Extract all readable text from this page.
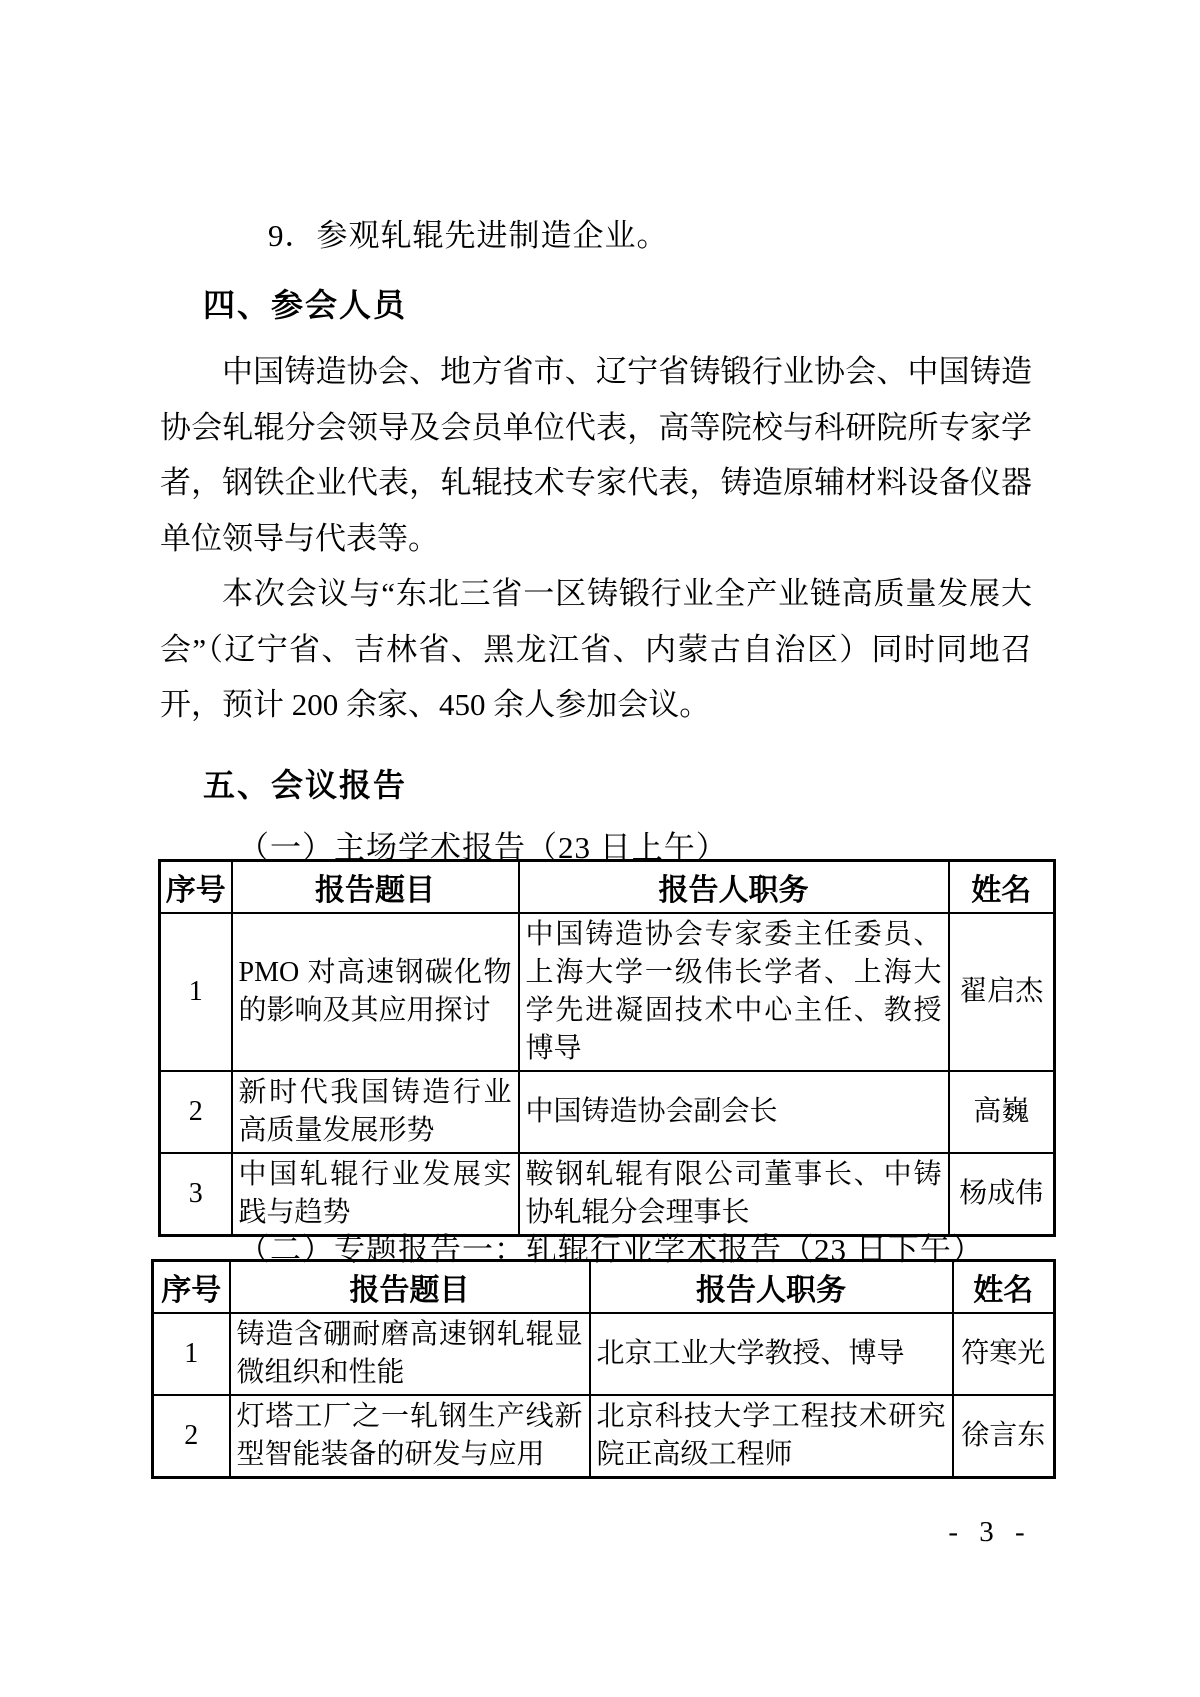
9．参观轧辊先进制造企业。
四、参会人员
中国铸造协会、地方省市、辽宁省铸锻行业协会、中国铸造协会轧辊分会领导及会员单位代表，高等院校与科研院所专家学者，钢铁企业代表，轧辊技术专家代表，铸造原辅材料设备仪器单位领导与代表等。
本次会议与“东北三省一区铸锻行业全产业链高质量发展大会”（辽宁省、吉林省、黑龙江省、内蒙古自治区）同时同地召开，预计 200 余家、450 余人参加会议。
五、会议报告
（一）主场学术报告（23 日上午）
序号	报告题目	报告人职务	姓名
1	PMO 对高速钢碳化物的影响及其应用探讨	中国铸造协会专家委主任委员、上海大学一级伟长学者、上海大学先进凝固技术中心主任、教授博导	翟启杰
2	新时代我国铸造行业高质量发展形势	中国铸造协会副会长	高巍
3	中国轧辊行业发展实践与趋势	鞍钢轧辊有限公司董事长、中铸协轧辊分会理事长	杨成伟
（二）专题报告一：轧辊行业学术报告（23 日下午）
序号	报告题目	报告人职务	姓名
1	铸造含硼耐磨高速钢轧辊显微组织和性能	北京工业大学教授、博导	符寒光
2	灯塔工厂之一轧钢生产线新型智能装备的研发与应用	北京科技大学工程技术研究院正高级工程师	徐言东
- 3 -
